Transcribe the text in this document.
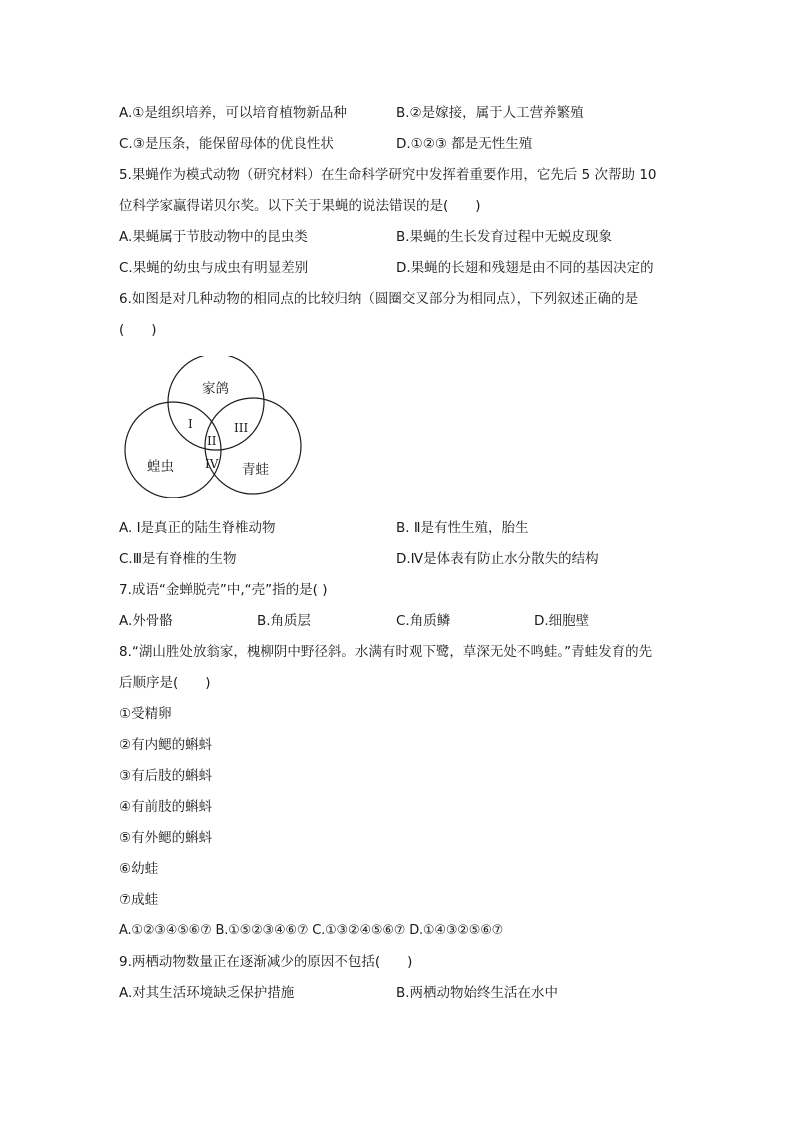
A.①是组织培养，可以培育植物新品种	B.②是嫁接，属于人工营养繁殖
C.③是压条，能保留母体的优良性状	D.①②③ 都是无性生殖
5.果蝇作为模式动物（研究材料）在生命科学研究中发挥着重要作用，它先后 5 次帮助 10
位科学家赢得诺贝尔奖。以下关于果蝇的说法错误的是(　　)
A.果蝇属于节肢动物中的昆虫类	B.果蝇的生长发育过程中无蜕皮现象
C.果蝇的幼虫与成虫有明显差别	D.果蝇的长翅和残翅是由不同的基因决定的
6.如图是对几种动物的相同点的比较归纳（圆圈交叉部分为相同点），下列叙述正确的是
(　　)
家鸽
蝗虫	青蛙
I
II
III
IV
A. Ⅰ是真正的陆生脊椎动物	B. Ⅱ是有性生殖，胎生
C.Ⅲ是有脊椎的生物	D.Ⅳ是体表有防止水分散失的结构
7.成语“金蝉脱壳”中,“壳”指的是( )
A.外骨骼	B.角质层	C.角质鳞	D.细胞壁
8.“湖山胜处放翁家，槐柳阴中野径斜。水满有时观下鹭，草深无处不鸣蛙。”青蛙发育的先
后顺序是(　　)
①受精卵
②有内鳃的蝌蚪
③有后肢的蝌蚪
④有前肢的蝌蚪
⑤有外鳃的蝌蚪
⑥幼蛙
⑦成蛙
A.①②③④⑤⑥⑦ B.①⑤②③④⑥⑦ C.①③②④⑤⑥⑦ D.①④③②⑤⑥⑦
9.两栖动物数量正在逐渐减少的原因不包括(　　)
A.对其生活环境缺乏保护措施	B.两栖动物始终生活在水中
